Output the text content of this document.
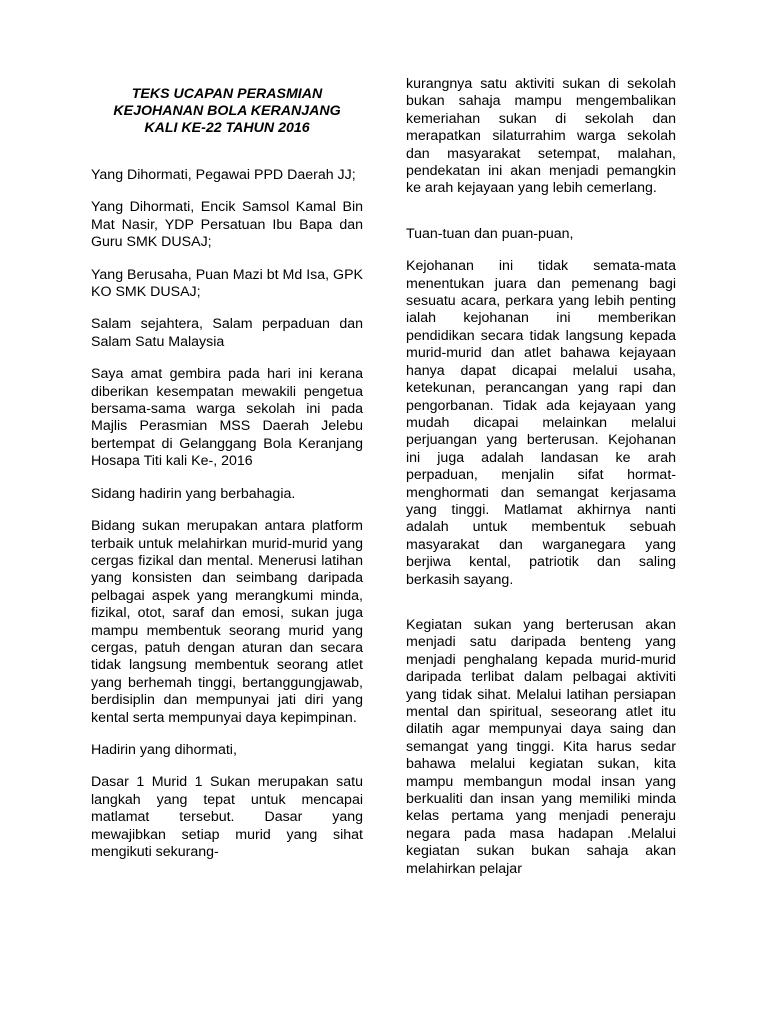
TEKS UCAPAN PERASMIAN
KEJOHANAN BOLA KERANJANG
KALI KE-22 TAHUN 2016

Yang Dihormati, Pegawai PPD Daerah JJ;

Yang Dihormati, Encik Samsol Kamal Bin Mat Nasir, YDP Persatuan Ibu Bapa dan Guru SMK DUSAJ;

Yang Berusaha, Puan Mazi bt Md Isa, GPK KO SMK DUSAJ;

Salam sejahtera, Salam perpaduan dan Salam Satu Malaysia

Saya amat gembira pada hari ini kerana diberikan kesempatan mewakili pengetua bersama-sama warga sekolah ini pada Majlis Perasmian MSS Daerah Jelebu bertempat di Gelanggang Bola Keranjang Hosapa Titi kali Ke-, 2016

Sidang hadirin yang berbahagia.

Bidang sukan merupakan antara platform terbaik untuk melahirkan murid-murid yang cergas fizikal dan mental. Menerusi latihan yang konsisten dan seimbang daripada pelbagai aspek yang merangkumi minda, fizikal, otot, saraf dan emosi, sukan juga mampu membentuk seorang murid yang cergas, patuh dengan aturan dan secara tidak langsung membentuk seorang atlet yang berhemah tinggi, bertanggungjawab, berdisiplin dan mempunyai jati diri yang kental serta mempunyai daya kepimpinan.

Hadirin yang dihormati,

Dasar 1 Murid 1 Sukan merupakan satu langkah yang tepat untuk mencapai matlamat tersebut. Dasar yang mewajibkan setiap murid yang sihat mengikuti sekurang-

kurangnya satu aktiviti sukan di sekolah bukan sahaja mampu mengembalikan kemeriahan sukan di sekolah dan merapatkan silaturrahim warga sekolah dan masyarakat setempat, malahan, pendekatan ini akan menjadi pemangkin ke arah kejayaan yang lebih cemerlang.

Tuan-tuan dan puan-puan,

Kejohanan ini tidak semata-mata menentukan juara dan pemenang bagi sesuatu acara, perkara yang lebih penting ialah kejohanan ini memberikan pendidikan secara tidak langsung kepada murid-murid dan atlet bahawa kejayaan hanya dapat dicapai melalui usaha, ketekunan, perancangan yang rapi dan pengorbanan. Tidak ada kejayaan yang mudah dicapai melainkan melalui perjuangan yang berterusan. Kejohanan ini juga adalah landasan ke arah perpaduan, menjalin sifat hormat-menghormati dan semangat kerjasama yang tinggi. Matlamat akhirnya nanti adalah untuk membentuk sebuah masyarakat dan warganegara yang berjiwa kental, patriotik dan saling berkasih sayang.

Kegiatan sukan yang berterusan akan menjadi satu daripada benteng yang menjadi penghalang kepada murid-murid daripada terlibat dalam pelbagai aktiviti yang tidak sihat. Melalui latihan persiapan mental dan spiritual, seseorang atlet itu dilatih agar mempunyai daya saing dan semangat yang tinggi. Kita harus sedar bahawa melalui kegiatan sukan, kita mampu membangun modal insan yang berkualiti dan insan yang memiliki minda kelas pertama yang menjadi peneraju negara pada masa hadapan .Melalui kegiatan sukan bukan sahaja akan melahirkan pelajar
